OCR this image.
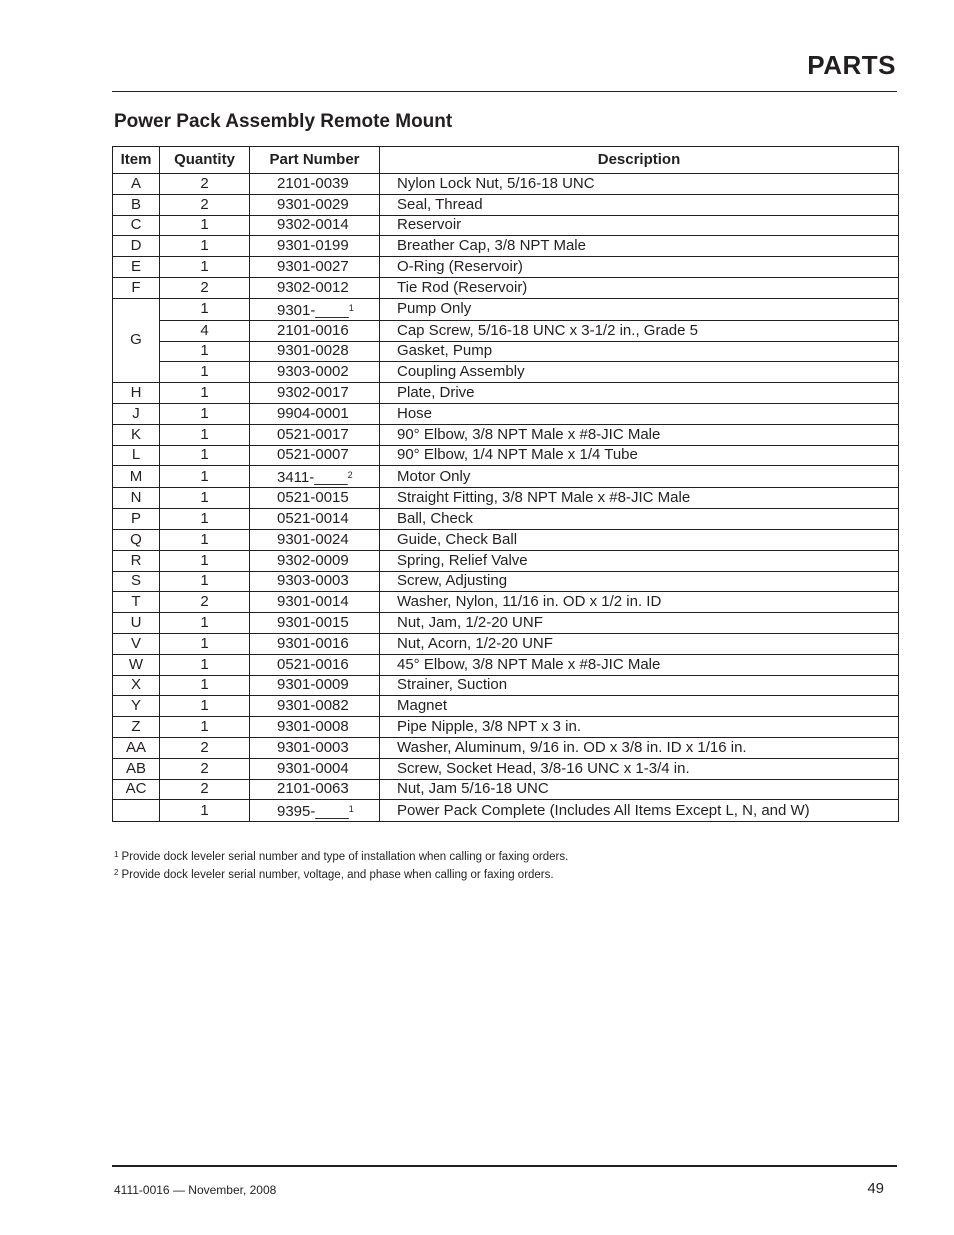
PARTS
Power Pack Assembly Remote Mount
Item	Quantity	Part Number	Description
A	2	2101-0039	Nylon Lock Nut, 5/16-18 UNC
B	2	9301-0029	Seal, Thread
C	1	9302-0014	Reservoir
D	1	9301-0199	Breather Cap, 3/8 NPT Male
E	1	9301-0027	O-Ring (Reservoir)
F	2	9302-0012	Tie Rod (Reservoir)
G	1	9301-____$^1$	Pump Only
	4	2101-0016	Cap Screw, 5/16-18 UNC x 3-1/2 in., Grade 5
	1	9301-0028	Gasket, Pump
	1	9303-0002	Coupling Assembly
H	1	9302-0017	Plate, Drive
J	1	9904-0001	Hose
K	1	0521-0017	90° Elbow, 3/8 NPT Male x #8-JIC Male
L	1	0521-0007	90° Elbow, 1/4 NPT Male x 1/4 Tube
M	1	3411-____$^2$	Motor Only
N	1	0521-0015	Straight Fitting, 3/8 NPT Male x #8-JIC Male
P	1	0521-0014	Ball, Check
Q	1	9301-0024	Guide, Check Ball
R	1	9302-0009	Spring, Relief Valve
S	1	9303-0003	Screw, Adjusting
T	2	9301-0014	Washer, Nylon, 11/16 in. OD x 1/2 in. ID
U	1	9301-0015	Nut, Jam, 1/2-20 UNF
V	1	9301-0016	Nut, Acorn, 1/2-20 UNF
W	1	0521-0016	45° Elbow, 3/8 NPT Male x #8-JIC Male
X	1	9301-0009	Strainer, Suction
Y	1	9301-0082	Magnet
Z	1	9301-0008	Pipe Nipple, 3/8 NPT x 3 in.
AA	2	9301-0003	Washer, Aluminum, 9/16 in. OD x 3/8 in. ID x 1/16 in.
AB	2	9301-0004	Screw, Socket Head, 3/8-16 UNC x 1-3/4 in.
AC	2	2101-0063	Nut, Jam 5/16-18 UNC
	1	9395-____$^1$	Power Pack Complete (Includes All Items Except L, N, and W)
$^1$ Provide dock leveler serial number and type of installation when calling or faxing orders.
$^2$ Provide dock leveler serial number, voltage, and phase when calling or faxing orders.
4111-0016 — November, 2008	49
